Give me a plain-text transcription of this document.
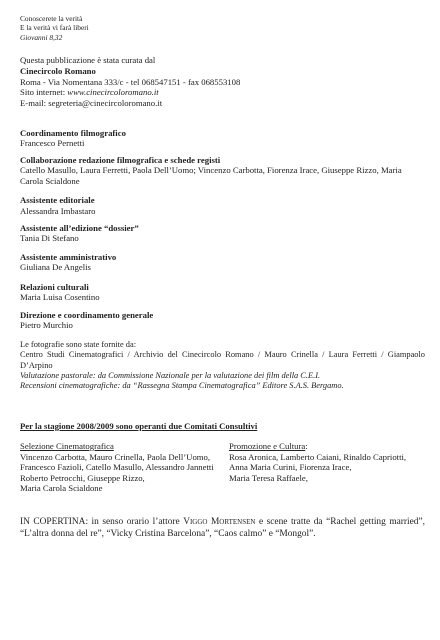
Conoscerete la verità
E la verità vi farà liberi
Giovanni 8,32
Questa pubblicazione è stata curata dal
Cinecircolo Romano
Roma - Via Nomentana 333/c - tel 068547151 - fax 068553108
Sito internet: www.cinecircoloromano.it
E-mail: segreteria@cinecircoloromano.it
Coordinamento filmografico
Francesco Pernetti
Collaborazione redazione filmografica e schede registi
Catello Masullo, Laura Ferretti, Paola Dell’Uomo; Vincenzo Carbotta, Fiorenza Irace, Giuseppe Rizzo, Maria Carola Scialdone
Assistente editoriale
Alessandra Imbastaro
Assistente all’edizione “dossier”
Tania Di Stefano
Assistente amministrativo
Giuliana De Angelis
Relazioni culturali
Maria Luisa Cosentino
Direzione e coordinamento generale
Pietro Murchio
Le fotografie sono state fornite da:
Centro Studi Cinematografici / Archivio del Cinecircolo Romano / Mauro Crinella / Laura Ferretti / Giampaolo D’Arpino
Valutazione pastorale: da Commissione Nazionale per la valutazione dei film della C.E.I.
Recensioni cinematografiche: da “Rassegna Stampa Cinematografica” Editore S.A.S. Bergamo.
Per la stagione 2008/2009 sono operanti due Comitati Consultivi
Selezione Cinematografica
Vincenzo Carbotta, Mauro Crinella, Paola Dell’Uomo,
Francesco Fazioli, Catello Masullo, Alessandro Jannetti
Roberto Petrocchi, Giuseppe Rizzo,
Maria Carola Scialdone
Promozione e Cultura:
Rosa Aronica, Lamberto Caiani, Rinaldo Capriotti,
Anna Maria Curini, Fiorenza Irace,
Maria Teresa Raffaele,
IN COPERTINA: in senso orario l’attore Viggo Mortensen e scene tratte da “Rachel getting married”, “L’altra donna del re”, “Vicky Cristina Barcelona”, “Caos calmo” e “Mongol”.
